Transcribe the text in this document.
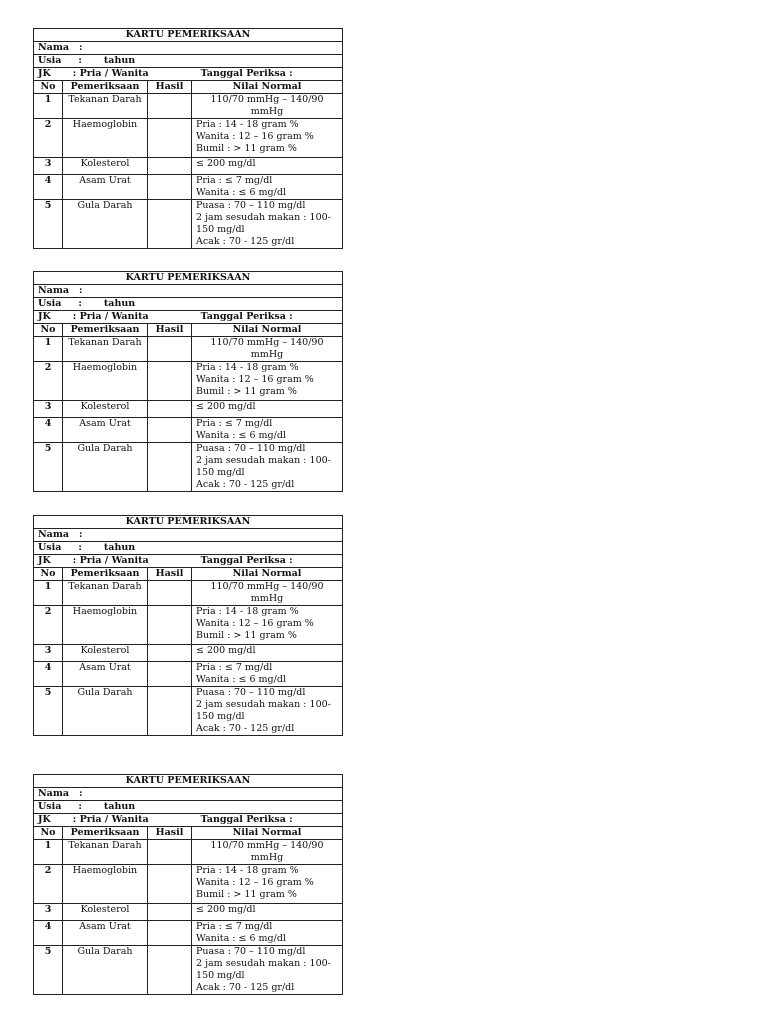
KARTU PEMERIKSAAN			
Nama :			
Usia : tahun			
JK : Pria / Wanita Tanggal Periksa :			
No	Pemeriksaan	Hasil	Nilai Normal
1	Tekanan Darah		110/70 mmHg – 140/90 mmHg
2	Haemoglobin		Pria : 14 - 18 gram %
Wanita : 12 – 16 gram %
Bumil : > 11 gram %
3	Kolesterol		≤ 200 mg/dl
4	Asam Urat		Pria : ≤ 7 mg/dl
Wanita : ≤ 6 mg/dl
5	Gula Darah		Puasa : 70 – 110 mg/dl
2 jam sesudah makan : 100- 150 mg/dl
Acak : 70 - 125 gr/dl
KARTU PEMERIKSAAN			
Nama :			
Usia : tahun			
JK : Pria / Wanita Tanggal Periksa :			
No	Pemeriksaan	Hasil	Nilai Normal
1	Tekanan Darah		110/70 mmHg – 140/90 mmHg
2	Haemoglobin		Pria : 14 - 18 gram %
Wanita : 12 – 16 gram %
Bumil : > 11 gram %
3	Kolesterol		≤ 200 mg/dl
4	Asam Urat		Pria : ≤ 7 mg/dl
Wanita : ≤ 6 mg/dl
5	Gula Darah		Puasa : 70 – 110 mg/dl
2 jam sesudah makan : 100- 150 mg/dl
Acak : 70 - 125 gr/dl
KARTU PEMERIKSAAN			
Nama :			
Usia : tahun			
JK : Pria / Wanita Tanggal Periksa :			
No	Pemeriksaan	Hasil	Nilai Normal
1	Tekanan Darah		110/70 mmHg – 140/90 mmHg
2	Haemoglobin		Pria : 14 - 18 gram %
Wanita : 12 – 16 gram %
Bumil : > 11 gram %
3	Kolesterol		≤ 200 mg/dl
4	Asam Urat		Pria : ≤ 7 mg/dl
Wanita : ≤ 6 mg/dl
5	Gula Darah		Puasa : 70 – 110 mg/dl
2 jam sesudah makan : 100- 150 mg/dl
Acak : 70 - 125 gr/dl
KARTU PEMERIKSAAN			
Nama :			
Usia : tahun			
JK : Pria / Wanita Tanggal Periksa :			
No	Pemeriksaan	Hasil	Nilai Normal
1	Tekanan Darah		110/70 mmHg – 140/90 mmHg
2	Haemoglobin		Pria : 14 - 18 gram %
Wanita : 12 – 16 gram %
Bumil : > 11 gram %
3	Kolesterol		≤ 200 mg/dl
4	Asam Urat		Pria : ≤ 7 mg/dl
Wanita : ≤ 6 mg/dl
5	Gula Darah		Puasa : 70 – 110 mg/dl
2 jam sesudah makan : 100- 150 mg/dl
Acak : 70 - 125 gr/dl
